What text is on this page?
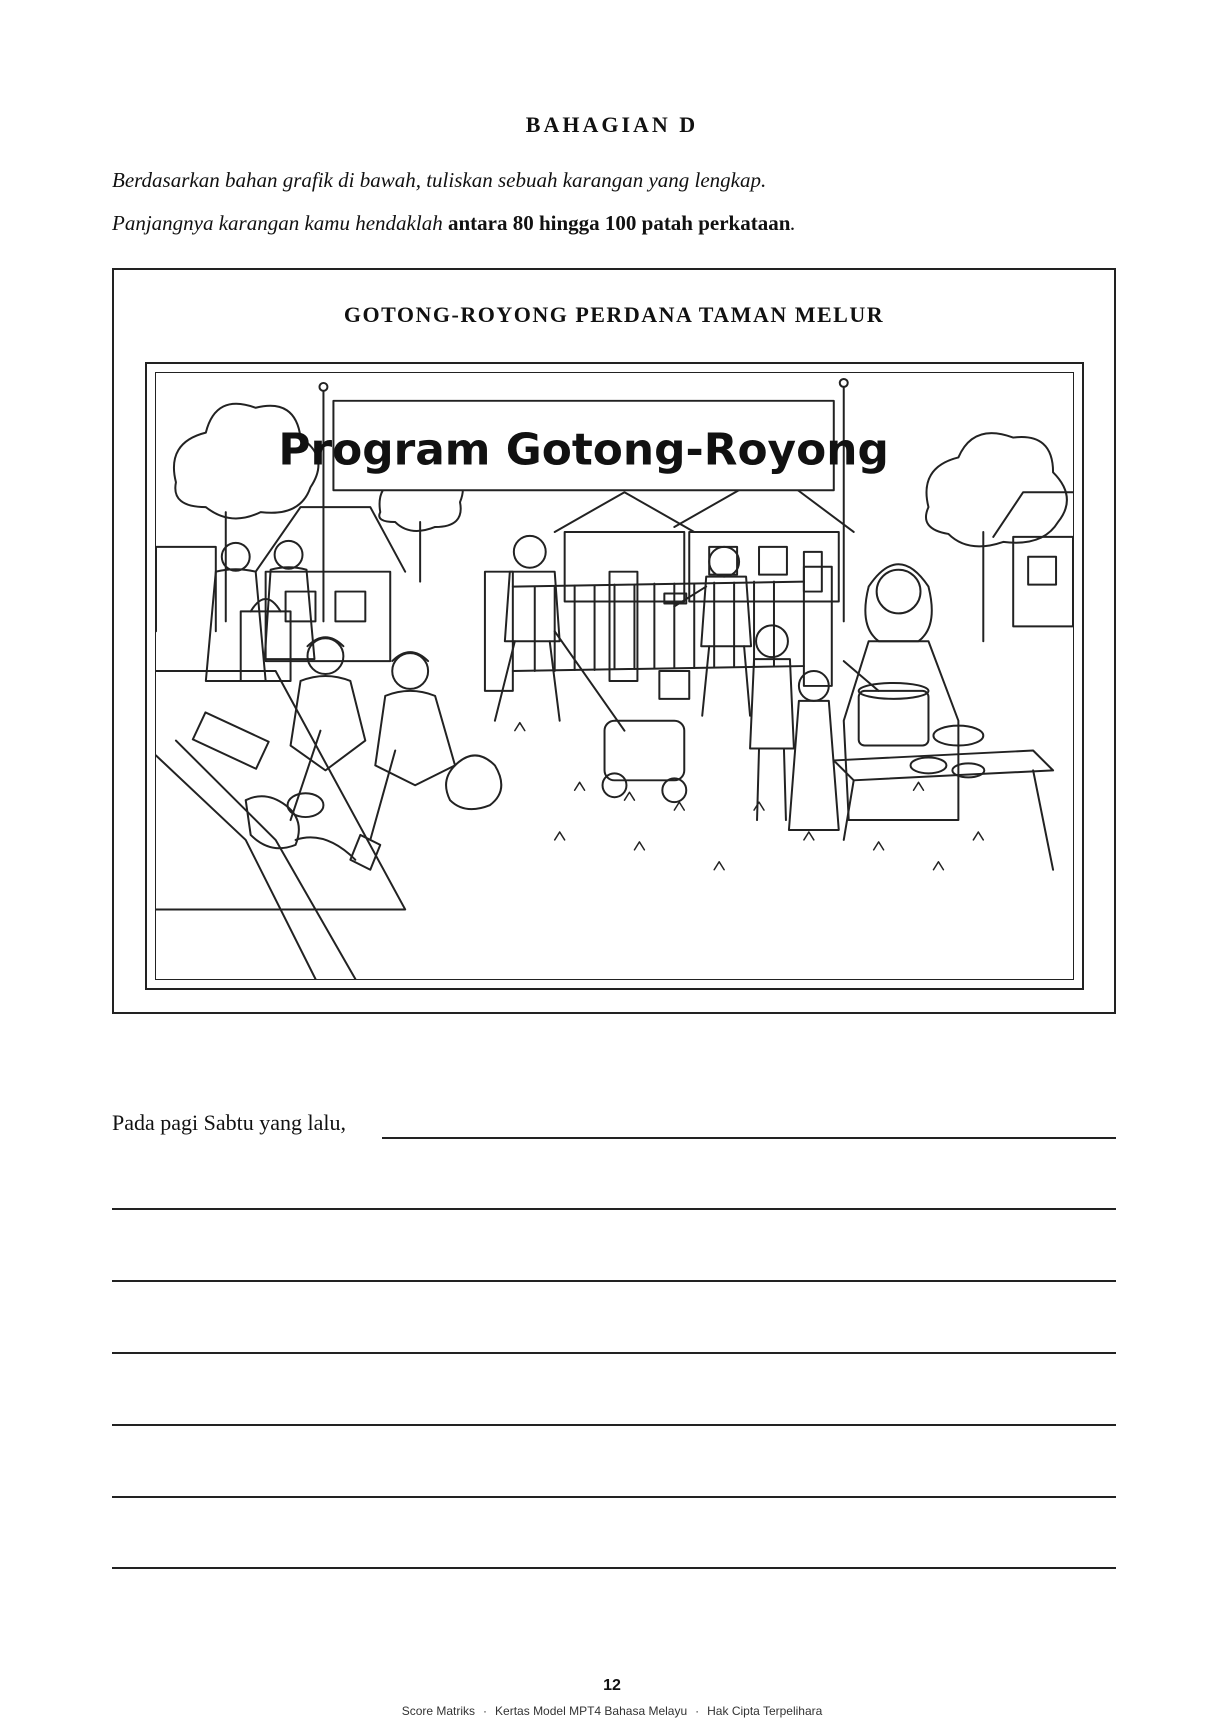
BAHAGIAN D
Berdasarkan bahan grafik di bawah, tuliskan sebuah karangan yang lengkap.
Panjangnya karangan kamu hendaklah antara 80 hingga 100 patah perkataan.
GOTONG-ROYONG PERDANA TAMAN MELUR
Program Gotong-Royong
Pada pagi Sabtu yang lalu,
12
Score Matriks · Kertas Model MPT4 Bahasa Melayu · Hak Cipta Terpelihara
